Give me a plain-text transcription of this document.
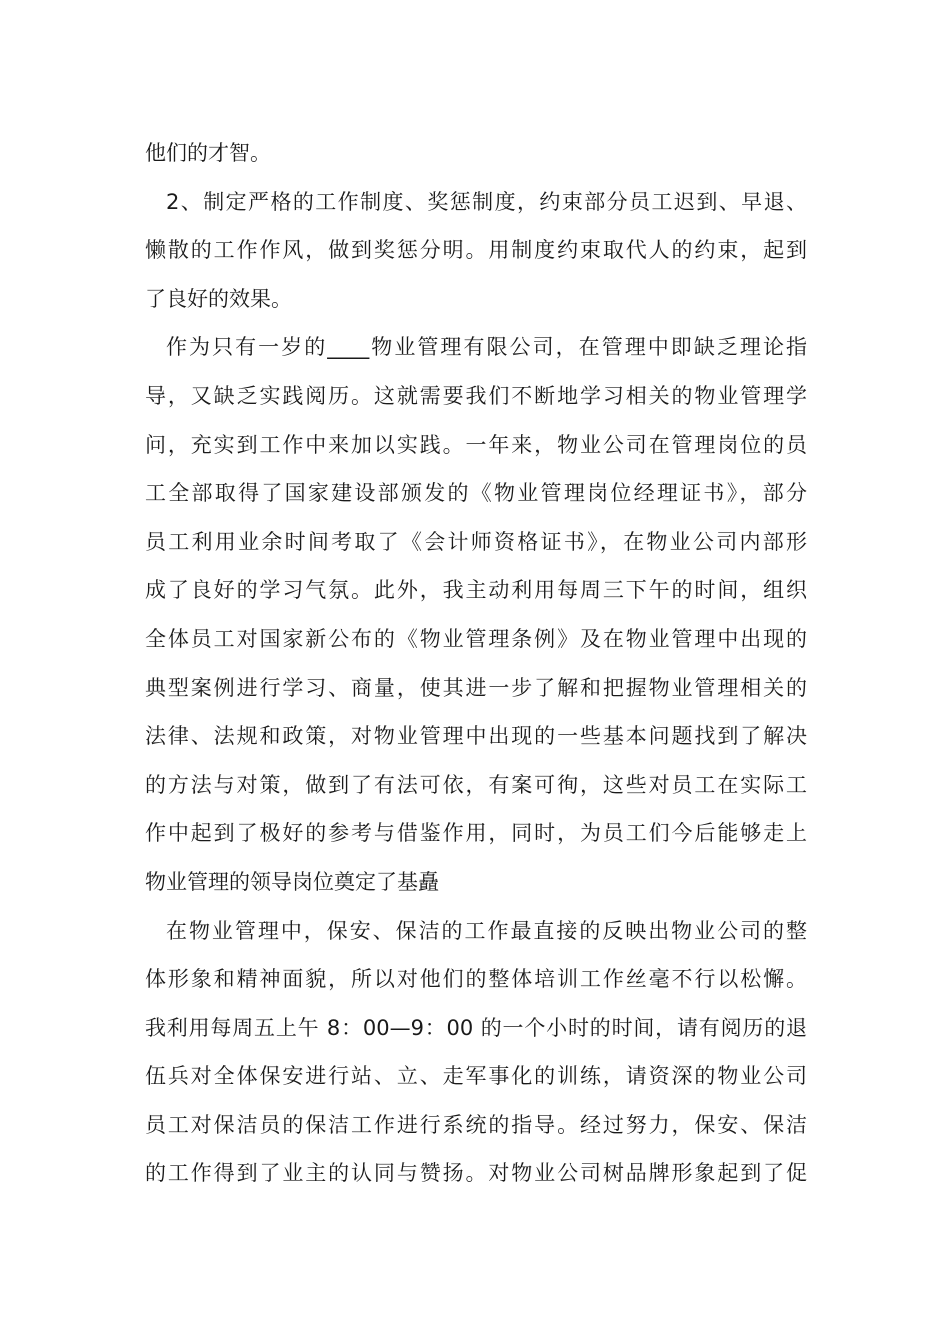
他们的才智。
2、制定严格的工作制度、奖惩制度，约束部分员工迟到、早退、
懒散的工作作风，做到奖惩分明。用制度约束取代人的约束，起到
了良好的效果。
作为只有一岁的____物业管理有限公司，在管理中即缺乏理论指
导，又缺乏实践阅历。这就需要我们不断地学习相关的物业管理学
问，充实到工作中来加以实践。一年来，物业公司在管理岗位的员
工全部取得了国家建设部颁发的《物业管理岗位经理证书》，部分
员工利用业余时间考取了《会计师资格证书》，在物业公司内部形
成了良好的学习气氛。此外，我主动利用每周三下午的时间，组织
全体员工对国家新公布的《物业管理条例》及在物业管理中出现的
典型案例进行学习、商量，使其进一步了解和把握物业管理相关的
法律、法规和政策，对物业管理中出现的一些基本问题找到了解决
的方法与对策，做到了有法可依，有案可徇，这些对员工在实际工
作中起到了极好的参考与借鉴作用，同时，为员工们今后能够走上
物业管理的领导岗位奠定了基矗
在物业管理中，保安、保洁的工作最直接的反映出物业公司的整
体形象和精神面貌，所以对他们的整体培训工作丝毫不行以松懈。
我利用每周五上午 8：00—9：00 的一个小时的时间，请有阅历的退
伍兵对全体保安进行站、立、走军事化的训练，请资深的物业公司
员工对保洁员的保洁工作进行系统的指导。经过努力，保安、保洁
的工作得到了业主的认同与赞扬。对物业公司树品牌形象起到了促
